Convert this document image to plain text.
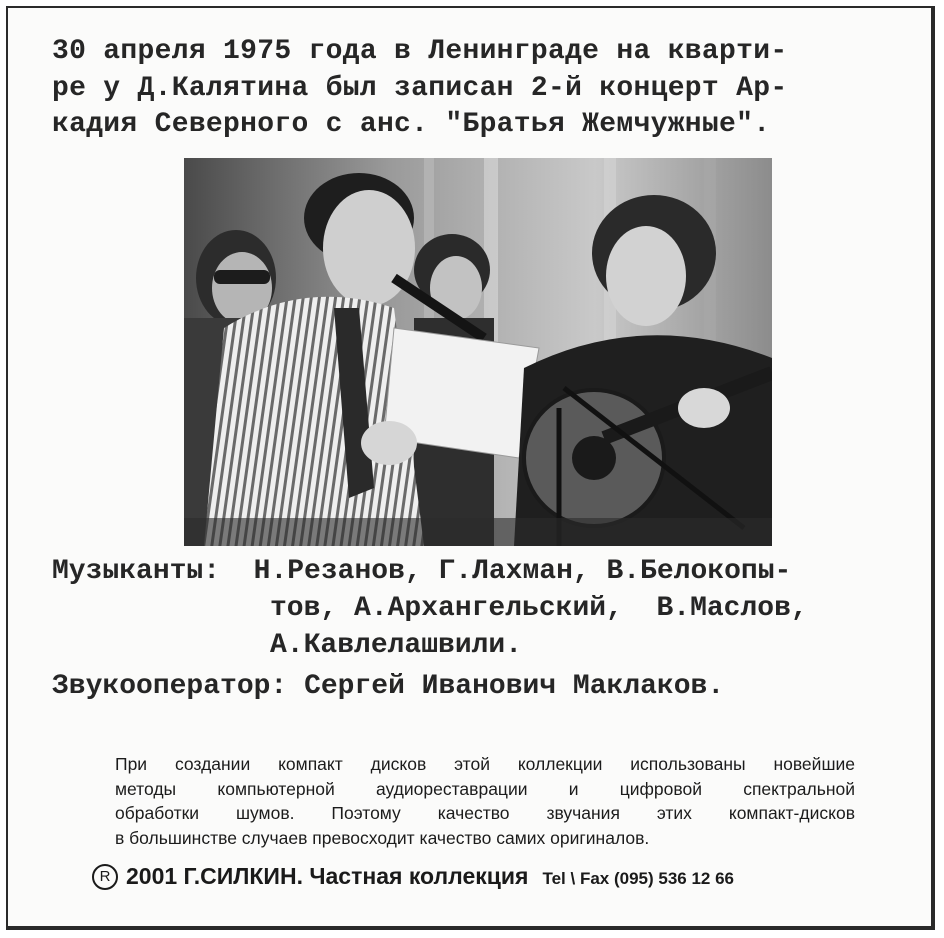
30 апреля 1975 года в Ленинграде на кварти-
ре у Д.Калятина был записан 2-й концерт Ар-
кадия Северного с анс. "Братья Жемчужные".

Музыканты: Н.Резанов, Г.Лахман, В.Белокопы-
тов, А.Архангельский,  В.Маслов,
А.Кавлелашвили.
Звукооператор: Сергей Иванович Маклаков.
При создании компакт дисков этой коллекции использованы новейшие
методы компьютерной аудиореставрации и цифровой спектральной
обработки шумов. Поэтому качество звучания этих компакт-дисков
в большинстве случаев превосходит качество самих оригиналов.
R 2001 Г.СИЛКИН. Частная коллекция Tel \ Fax (095) 536 12 66
